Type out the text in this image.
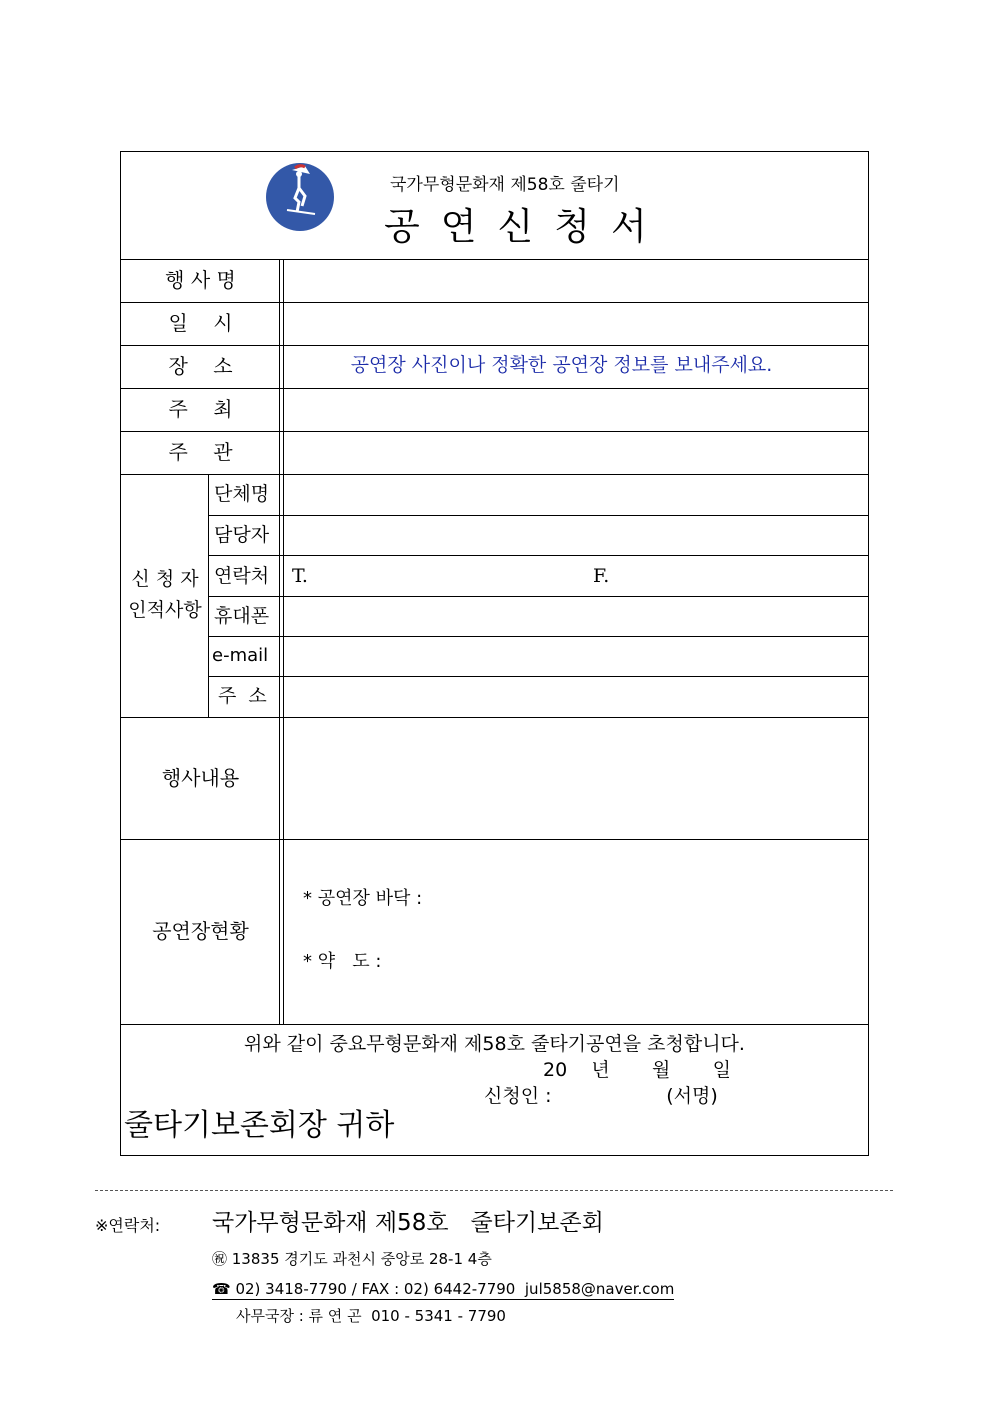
국가무형문화재 제58호 줄타기
공연신청서
행 사 명
일    시
장    소	공연장 사진이나 정확한 공연장 정보를 보내주세요.
주    최
주    관
신 청 자
인적사항
단체명
담당자
연락처 T.	F.
휴대폰
e-mail
주  소
행사내용
공연장현황
* 공연장 바닥 :
* 약   도 :
위와 같이 중요무형문화재 제58호 줄타기공연을 초청합니다.
20    년       월       일
신청인 :                   (서명)
줄타기보존회장 귀하
※연락처: 국가무형문화재 제58호   줄타기보존회
㊗ 13835 경기도 과천시 중앙로 28-1 4층
☎ 02) 3418-7790 / FAX : 02) 6442-7790  jul5858@naver.com
사무국장 : 류 연 곤  010 - 5341 - 7790
